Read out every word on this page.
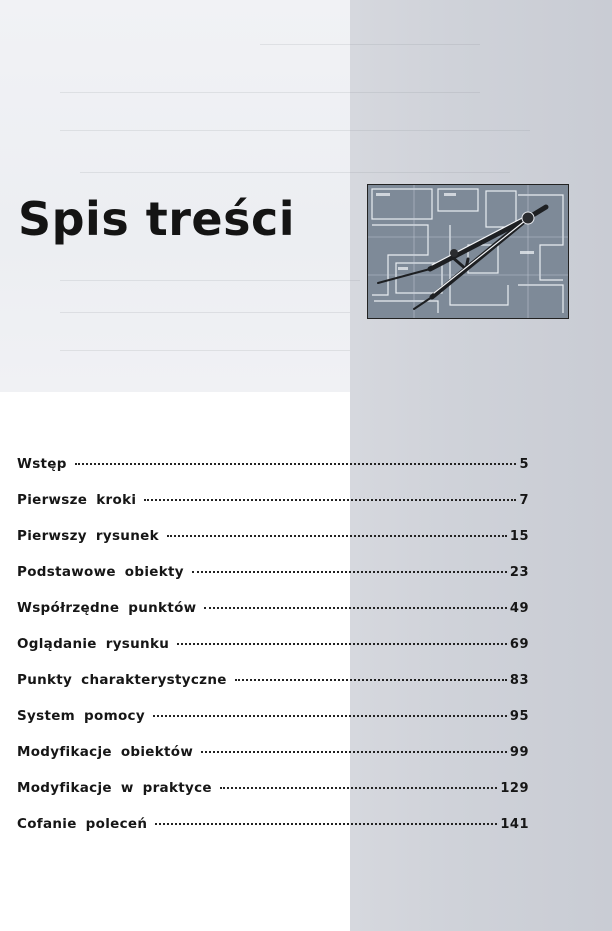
Spis treści
Wstęp	5
Pierwsze kroki	7
Pierwszy rysunek	15
Podstawowe obiekty	23
Współrzędne punktów	49
Oglądanie rysunku	69
Punkty charakterystyczne	83
System pomocy	95
Modyfikacje obiektów	99
Modyfikacje w praktyce	129
Cofanie poleceń	141
